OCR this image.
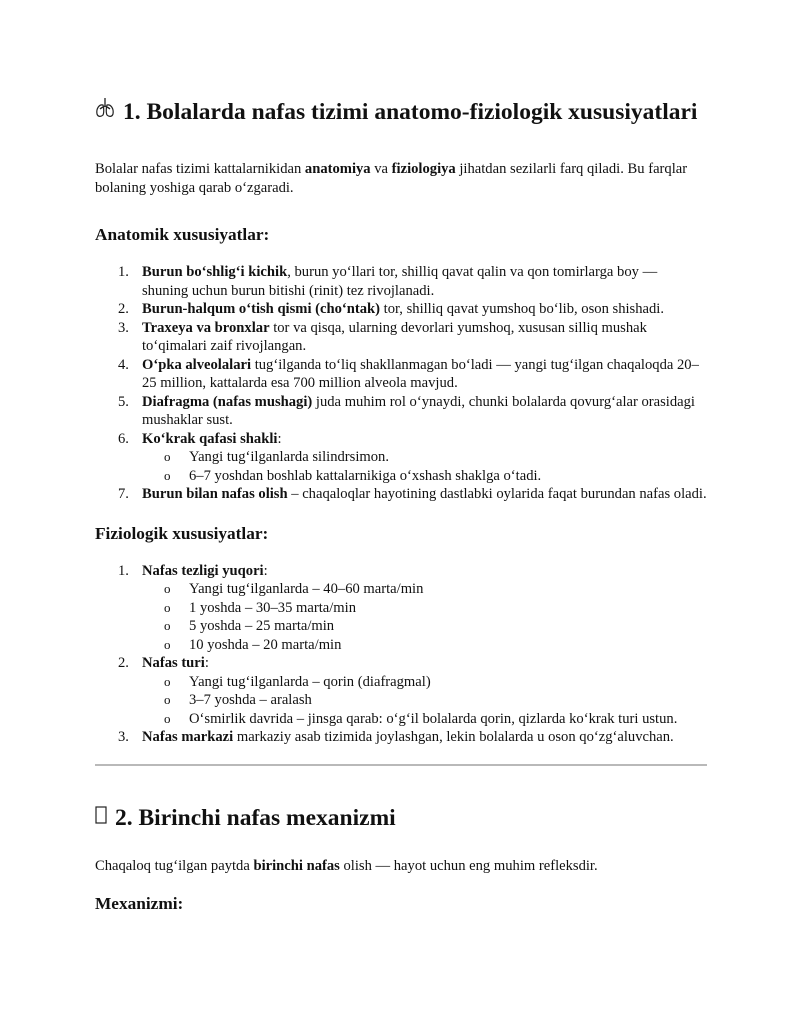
1. Bolalarda nafas tizimi anatomo-fiziologik xususiyatlari

Bolalar nafas tizimi kattalarnikidan anatomiya va fiziologiya jihatdan sezilarli farq qiladi. Bu farqlar bolaning yoshiga qarab o‘zgaradi.

Anatomik xususiyatlar:
1. Burun bo‘shlig‘i kichik, burun yo‘llari tor, shilliq qavat qalin va qon tomirlarga boy — shuning uchun burun bitishi (rinit) tez rivojlanadi.
2. Burun-halqum o‘tish qismi (cho‘ntak) tor, shilliq qavat yumshoq bo‘lib, oson shishadi.
3. Traxeya va bronxlar tor va qisqa, ularning devorlari yumshoq, xususan silliq mushak to‘qimalari zaif rivojlangan.
4. O‘pka alveolalari tug‘ilganda to‘liq shakllanmagan bo‘ladi — yangi tug‘ilgan chaqaloqda 20–25 million, kattalarda esa 700 million alveola mavjud.
5. Diafragma (nafas mushagi) juda muhim rol o‘ynaydi, chunki bolalarda qovurg‘alar orasidagi mushaklar sust.
6. Ko‘krak qafasi shakli:
o Yangi tug‘ilganlarda silindrsimon.
o 6–7 yoshdan boshlab kattalarnikiga o‘xshash shaklga o‘tadi.
7. Burun bilan nafas olish – chaqaloqlar hayotining dastlabki oylarida faqat burundan nafas oladi.
Fiziologik xususiyatlar:
1. Nafas tezligi yuqori:
o Yangi tug‘ilganlarda – 40–60 marta/min
o 1 yoshda – 30–35 marta/min
o 5 yoshda – 25 marta/min
o 10 yoshda – 20 marta/min
2. Nafas turi:
o Yangi tug‘ilganlarda – qorin (diafragmal)
o 3–7 yoshda – aralash
o O‘smirlik davrida – jinsga qarab: o‘g‘il bolalarda qorin, qizlarda ko‘krak turi ustun.
3. Nafas markazi markaziy asab tizimida joylashgan, lekin bolalarda u oson qo‘zg‘aluvchan.
2. Birinchi nafas mexanizmi

Chaqaloq tug‘ilgan paytda birinchi nafas olish — hayot uchun eng muhim refleksdir.

Mexanizmi:
